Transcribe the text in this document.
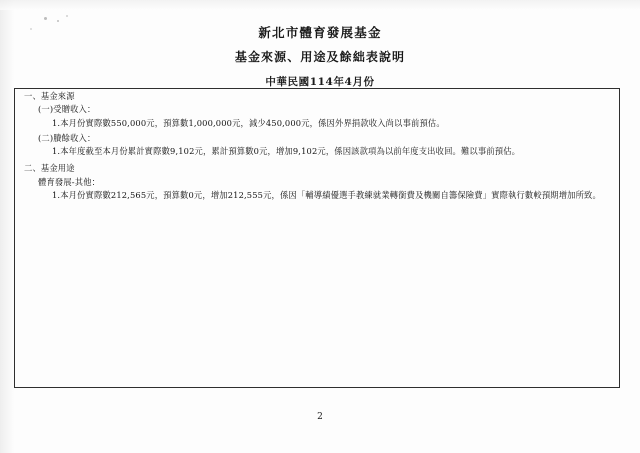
新北市體育發展基金
基金來源、用途及餘絀表說明
中華民國114年4月份
一、基金來源
(一)受贈收入：
1.本月份實際數550,000元，預算數1,000,000元，減少450,000元，係因外界捐款收入尚以事前預估。
(二)賸餘收入：
1.本年度截至本月份累計實際數9,102元，累計預算數0元，增加9,102元，係因該款項為以前年度支出收回。難以事前預估。
二、基金用途
體育發展-其他：
1.本月份實際數212,565元，預算數0元，增加212,555元，係因「輔導績優選手教練就業轉銜費及機關自籌保險費」實際執行數較預期增加所致。
2
